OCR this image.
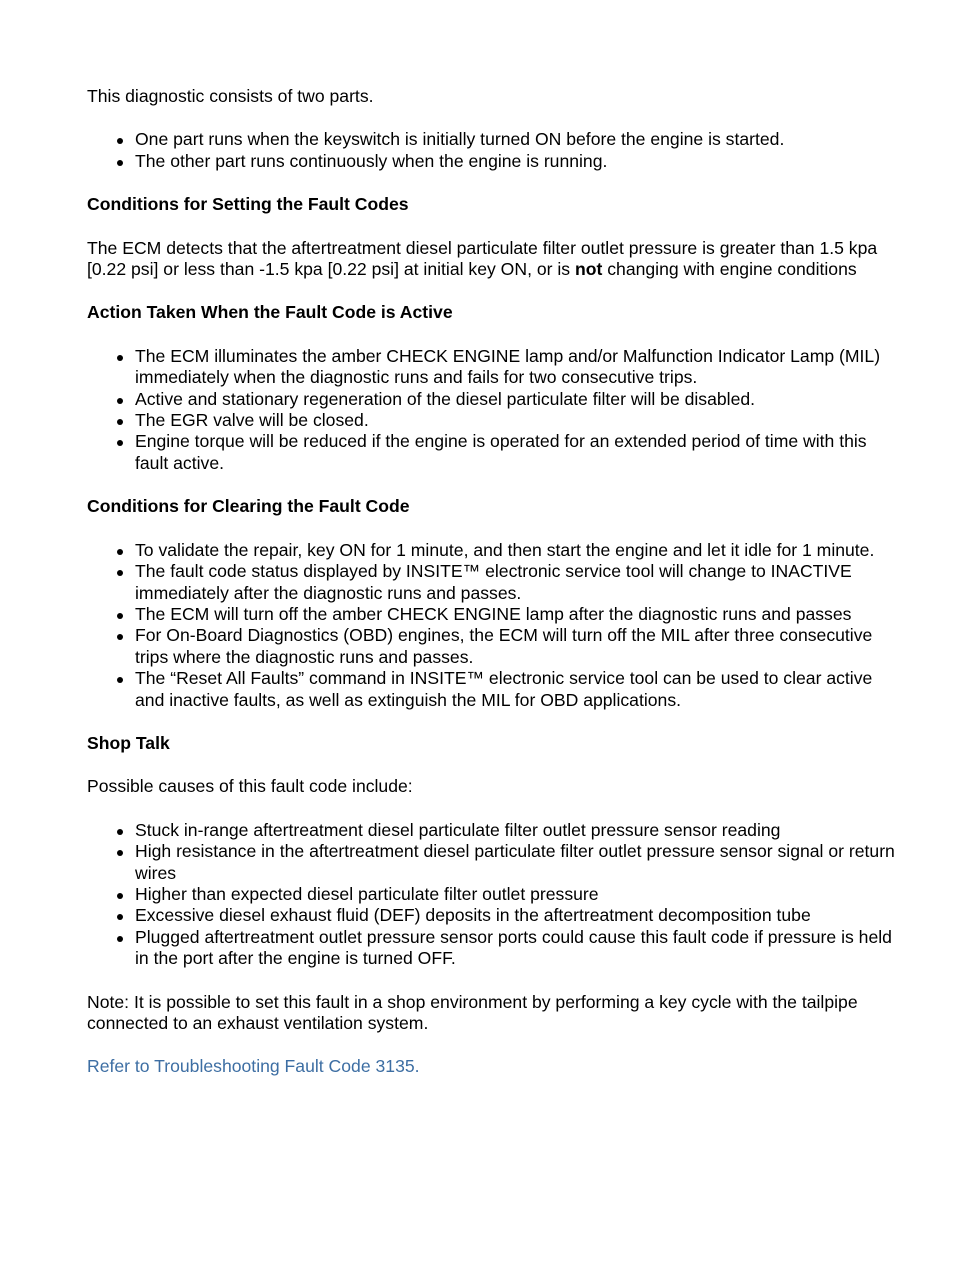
This diagnostic consists of two parts.

One part runs when the keyswitch is initially turned ON before the engine is started.
The other part runs continuously when the engine is running.

Conditions for Setting the Fault Codes

The ECM detects that the aftertreatment diesel particulate filter outlet pressure is greater than 1.5 kpa [0.22 psi] or less than -1.5 kpa [0.22 psi] at initial key ON, or is not changing with engine conditions

Action Taken When the Fault Code is Active

The ECM illuminates the amber CHECK ENGINE lamp and/or Malfunction Indicator Lamp (MIL) immediately when the diagnostic runs and fails for two consecutive trips.
Active and stationary regeneration of the diesel particulate filter will be disabled.
The EGR valve will be closed.
Engine torque will be reduced if the engine is operated for an extended period of time with this fault active.

Conditions for Clearing the Fault Code

To validate the repair, key ON for 1 minute, and then start the engine and let it idle for 1 minute.
The fault code status displayed by INSITE™ electronic service tool will change to INACTIVE immediately after the diagnostic runs and passes.
The ECM will turn off the amber CHECK ENGINE lamp after the diagnostic runs and passes
For On-Board Diagnostics (OBD) engines, the ECM will turn off the MIL after three consecutive trips where the diagnostic runs and passes.
The “Reset All Faults” command in INSITE™ electronic service tool can be used to clear active and inactive faults, as well as extinguish the MIL for OBD applications.

Shop Talk

Possible causes of this fault code include:

Stuck in-range aftertreatment diesel particulate filter outlet pressure sensor reading
High resistance in the aftertreatment diesel particulate filter outlet pressure sensor signal or return wires
Higher than expected diesel particulate filter outlet pressure
Excessive diesel exhaust fluid (DEF) deposits in the aftertreatment decomposition tube
Plugged aftertreatment outlet pressure sensor ports could cause this fault code if pressure is held in the port after the engine is turned OFF.

Note: It is possible to set this fault in a shop environment by performing a key cycle with the tailpipe connected to an exhaust ventilation system.

Refer to Troubleshooting Fault Code 3135.
